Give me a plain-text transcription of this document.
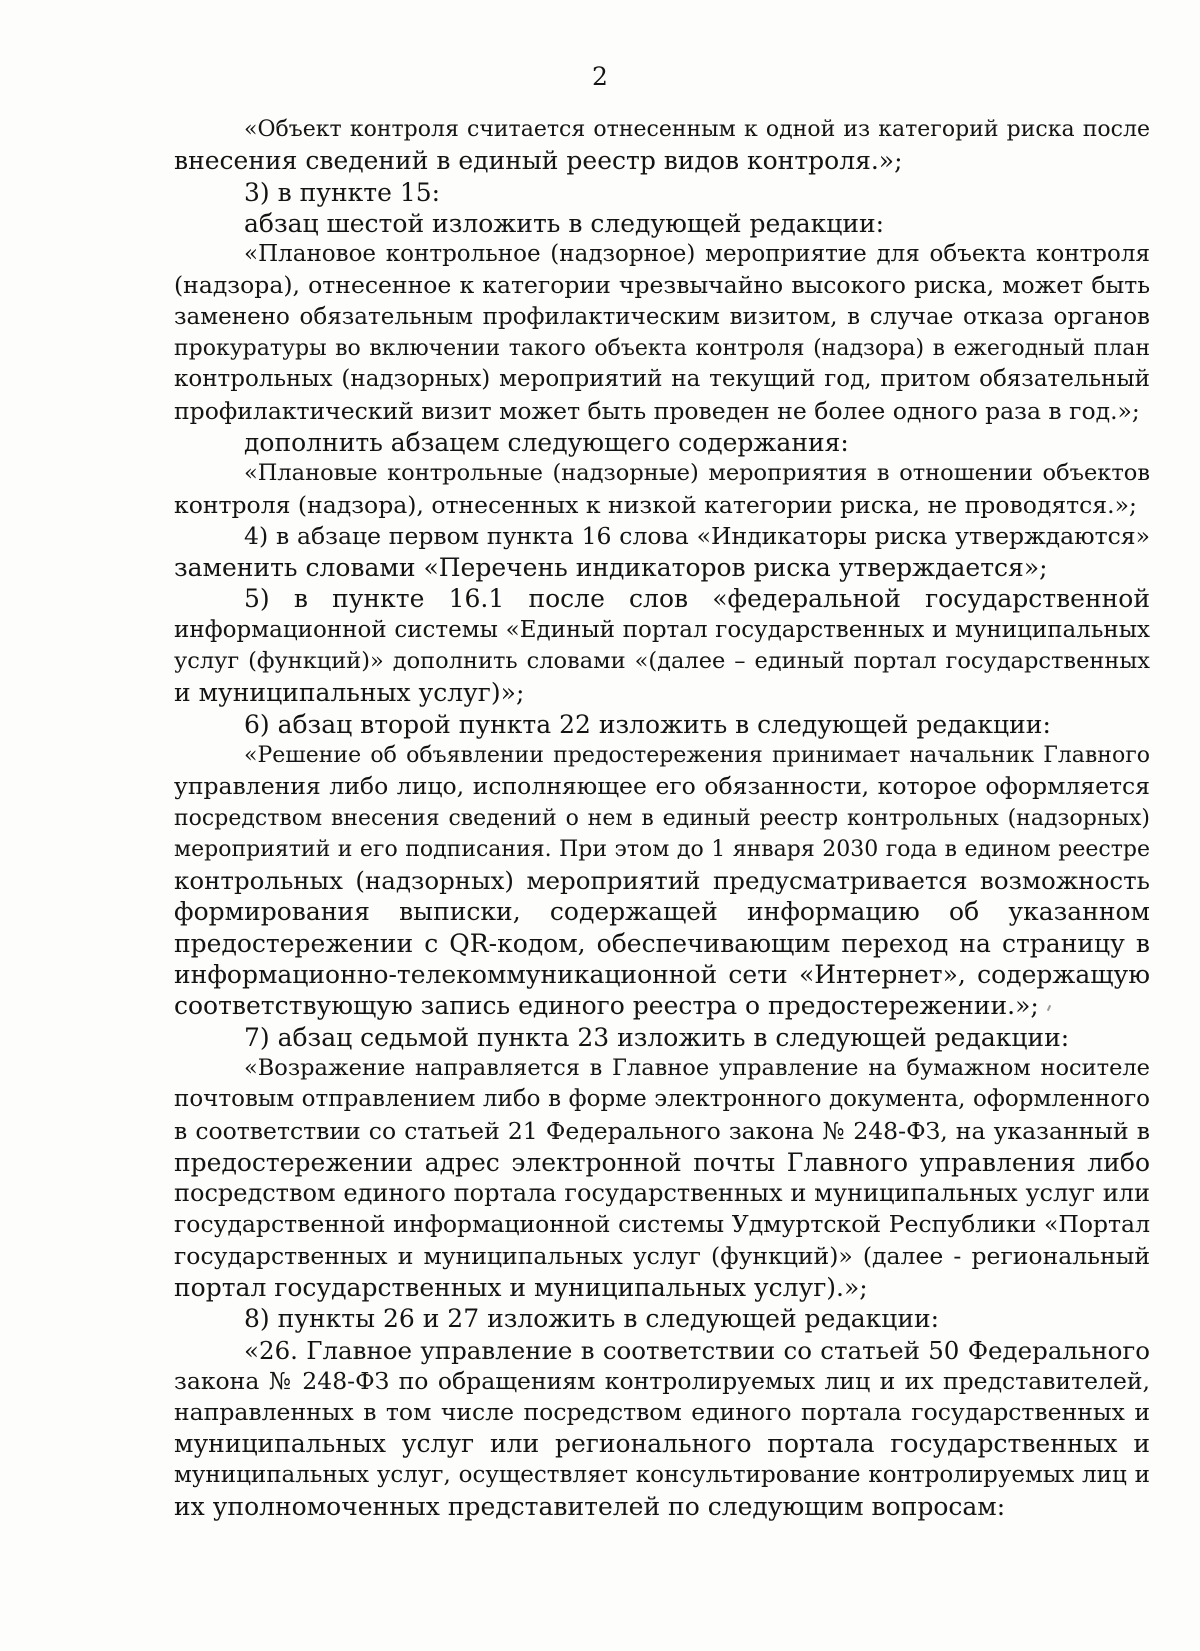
2
«Объект контроля считается отнесенным к одной из категорий риска после
внесения сведений в единый реестр видов контроля.»;
3) в пункте 15:
абзац шестой изложить в следующей редакции:
«Плановое контрольное (надзорное) мероприятие для объекта контроля
(надзора), отнесенное к категории чрезвычайно высокого риска, может быть
заменено обязательным профилактическим визитом, в случае отказа органов
прокуратуры во включении такого объекта контроля (надзора) в ежегодный план
контрольных (надзорных) мероприятий на текущий год, притом обязательный
профилактический визит может быть проведен не более одного раза в год.»;
дополнить абзацем следующего содержания:
«Плановые контрольные (надзорные) мероприятия в отношении объектов
контроля (надзора), отнесенных к низкой категории риска, не проводятся.»;
4) в абзаце первом пункта 16 слова «Индикаторы риска утверждаются»
заменить словами «Перечень индикаторов риска утверждается»;
5) в пункте 16.1 после слов «федеральной государственной
информационной системы «Единый портал государственных и муниципальных
услуг (функций)» дополнить словами «(далее – единый портал государственных
и муниципальных услуг)»;
6) абзац второй пункта 22 изложить в следующей редакции:
«Решение об объявлении предостережения принимает начальник Главного
управления либо лицо, исполняющее его обязанности, которое оформляется
посредством внесения сведений о нем в единый реестр контрольных (надзорных)
мероприятий и его подписания. При этом до 1 января 2030 года в едином реестре
контрольных (надзорных) мероприятий предусматривается возможность
формирования выписки, содержащей информацию об указанном
предостережении с QR-кодом, обеспечивающим переход на страницу в
информационно-телекоммуникационной сети «Интернет», содержащую
соответствующую запись единого реестра о предостережении.»;
7) абзац седьмой пункта 23 изложить в следующей редакции:
«Возражение направляется в Главное управление на бумажном носителе
почтовым отправлением либо в форме электронного документа, оформленного
в соответствии со статьей 21 Федерального закона № 248-ФЗ, на указанный в
предостережении адрес электронной почты Главного управления либо
посредством единого портала государственных и муниципальных услуг или
государственной информационной системы Удмуртской Республики «Портал
государственных и муниципальных услуг (функций)» (далее - региональный
портал государственных и муниципальных услуг).»;
8) пункты 26 и 27 изложить в следующей редакции:
«26. Главное управление в соответствии со статьей 50 Федерального
закона № 248-ФЗ по обращениям контролируемых лиц и их представителей,
направленных в том числе посредством единого портала государственных и
муниципальных услуг или регионального портала государственных и
муниципальных услуг, осуществляет консультирование контролируемых лиц и
их уполномоченных представителей по следующим вопросам:
